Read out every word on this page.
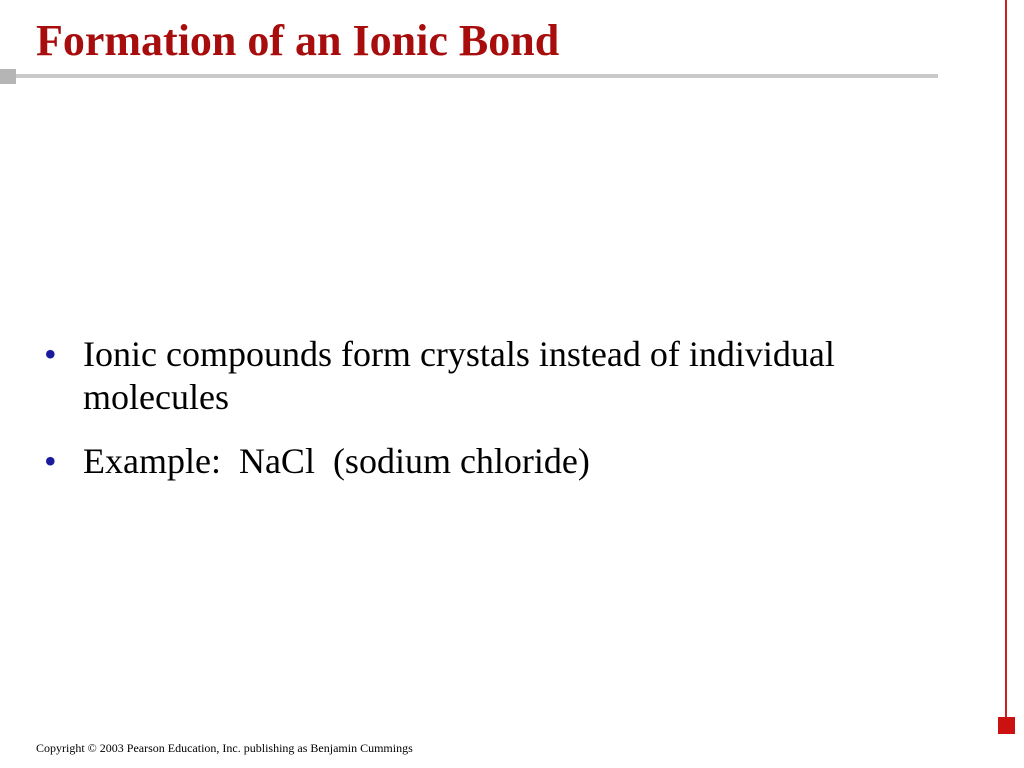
Formation of an Ionic Bond
• Ionic compounds form crystals instead of individual molecules
• Example:  NaCl  (sodium chloride)
Copyright © 2003 Pearson Education, Inc. publishing as Benjamin Cummings
